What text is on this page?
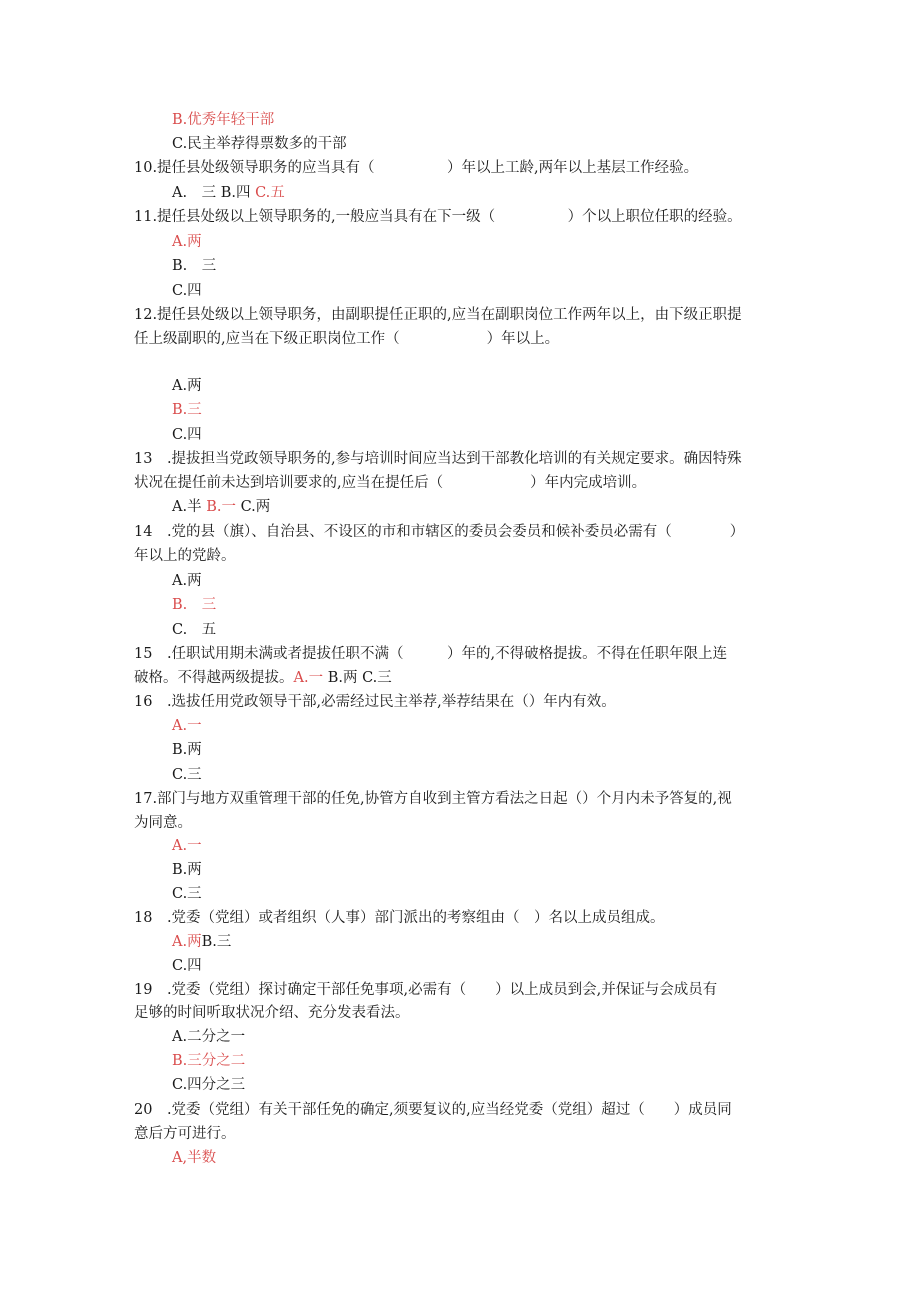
B.优秀年轻干部
C.民主举荐得票数多的干部
10.提任县处级领导职务的应当具有（　　　　　）年以上工龄,两年以上基层工作经验。
A.　三 B.四 C.五
11.提任县处级以上领导职务的,一般应当具有在下一级（　　　　　）个以上职位任职的经验。
A.两
B.　三
C.四
12.提任县处级以上领导职务，由副职提任正职的,应当在副职岗位工作两年以上，由下级正职提
任上级副职的,应当在下级正职岗位工作（　　　　　　）年以上。
A.两
B.三
C.四
13　.提拔担当党政领导职务的,参与培训时间应当达到干部教化培训的有关规定要求。确因特殊
状况在提任前未达到培训要求的,应当在提任后（　　　　　　）年内完成培训。
A.半 B.一 C.两
14　.党的县（旗）、自治县、不设区的市和市辖区的委员会委员和候补委员必需有（　　　　）
年以上的党龄。
A.两
B.　三
C.　五
15　.任职试用期未满或者提拔任职不满（　　　）年的,不得破格提拔。不得在任职年限上连
破格。不得越两级提拔。A.一 B.两 C.三
16　.选拔任用党政领导干部,必需经过民主举荐,举荐结果在（）年内有效。
A.一
B.两
C.三
17.部门与地方双重管理干部的任免,协管方自收到主管方看法之日起（）个月内未予答复的,视
为同意。
A.一
B.两
C.三
18　.党委（党组）或者组织（人事）部门派出的考察组由（　）名以上成员组成。
A.两B.三
C.四
19　.党委（党组）探讨确定干部任免事项,必需有（　　）以上成员到会,并保证与会成员有
足够的时间听取状况介绍、充分发表看法。
A.二分之一
B.三分之二
C.四分之三
20　.党委（党组）有关干部任免的确定,须要复议的,应当经党委（党组）超过（　　）成员同
意后方可进行。
A,半数
